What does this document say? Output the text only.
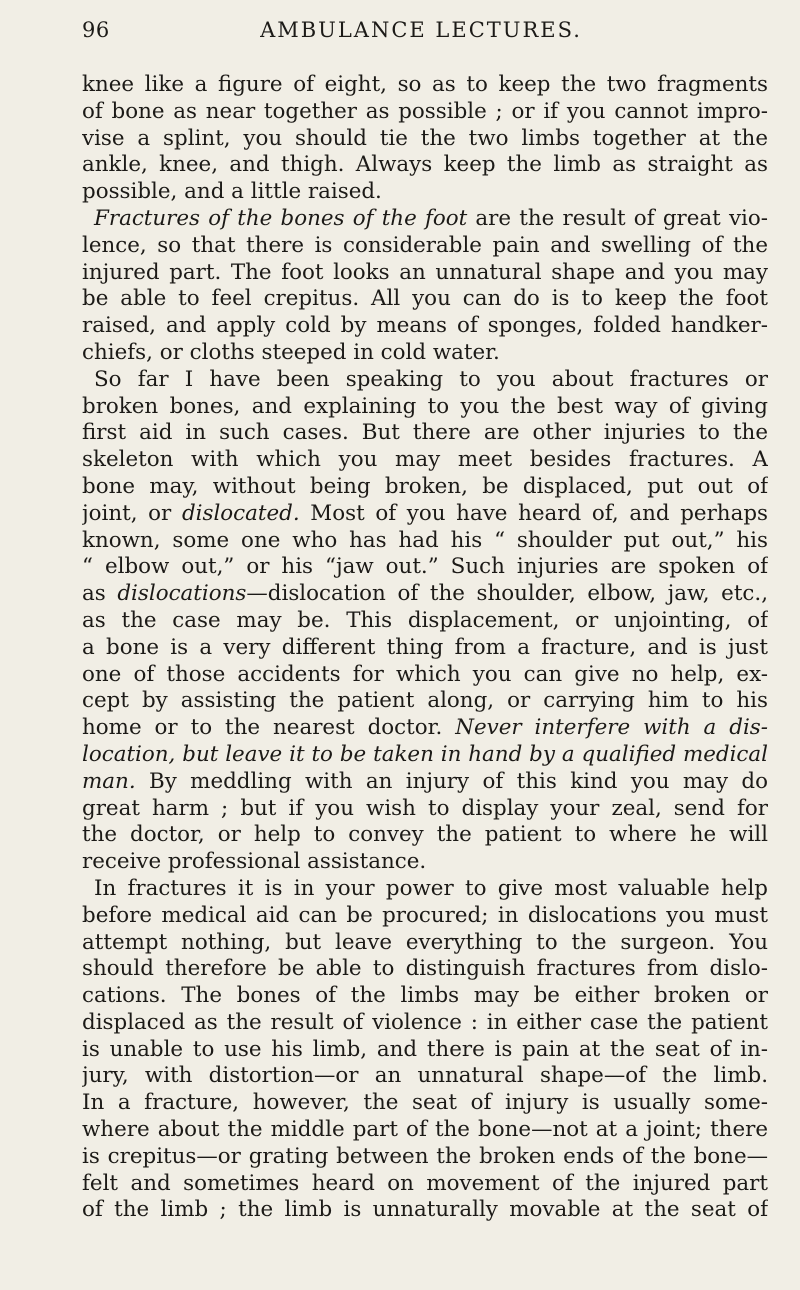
96	AMBULANCE LECTURES.
knee like a figure of eight, so as to keep the two fragments
of bone as near together as possible ; or if you cannot impro-
vise a splint, you should tie the two limbs together at the
ankle, knee, and thigh. Always keep the limb as straight as
possible, and a little raised.
Fractures of the bones of the foot are the result of great vio-
lence, so that there is considerable pain and swelling of the
injured part. The foot looks an unnatural shape and you may
be able to feel crepitus. All you can do is to keep the foot
raised, and apply cold by means of sponges, folded handker-
chiefs, or cloths steeped in cold water.
So far I have been speaking to you about fractures or
broken bones, and explaining to you the best way of giving
first aid in such cases. But there are other injuries to the
skeleton with which you may meet besides fractures. A
bone may, without being broken, be displaced, put out of
joint, or dislocated. Most of you have heard of, and perhaps
known, some one who has had his “ shoulder put out,” his
“ elbow out,” or his “jaw out.” Such injuries are spoken of
as dislocations—dislocation of the shoulder, elbow, jaw, etc.,
as the case may be. This displacement, or unjointing, of
a bone is a very different thing from a fracture, and is just
one of those accidents for which you can give no help, ex-
cept by assisting the patient along, or carrying him to his
home or to the nearest doctor. Never interfere with a dis-
location, but leave it to be taken in hand by a qualified medical
man. By meddling with an injury of this kind you may do
great harm ; but if you wish to display your zeal, send for
the doctor, or help to convey the patient to where he will
receive professional assistance.
In fractures it is in your power to give most valuable help
before medical aid can be procured; in dislocations you must
attempt nothing, but leave everything to the surgeon. You
should therefore be able to distinguish fractures from dislo-
cations. The bones of the limbs may be either broken or
displaced as the result of violence : in either case the patient
is unable to use his limb, and there is pain at the seat of in-
jury, with distortion—or an unnatural shape—of the limb.
In a fracture, however, the seat of injury is usually some-
where about the middle part of the bone—not at a joint; there
is crepitus—or grating between the broken ends of the bone—
felt and sometimes heard on movement of the injured part
of the limb ; the limb is unnaturally movable at the seat of
